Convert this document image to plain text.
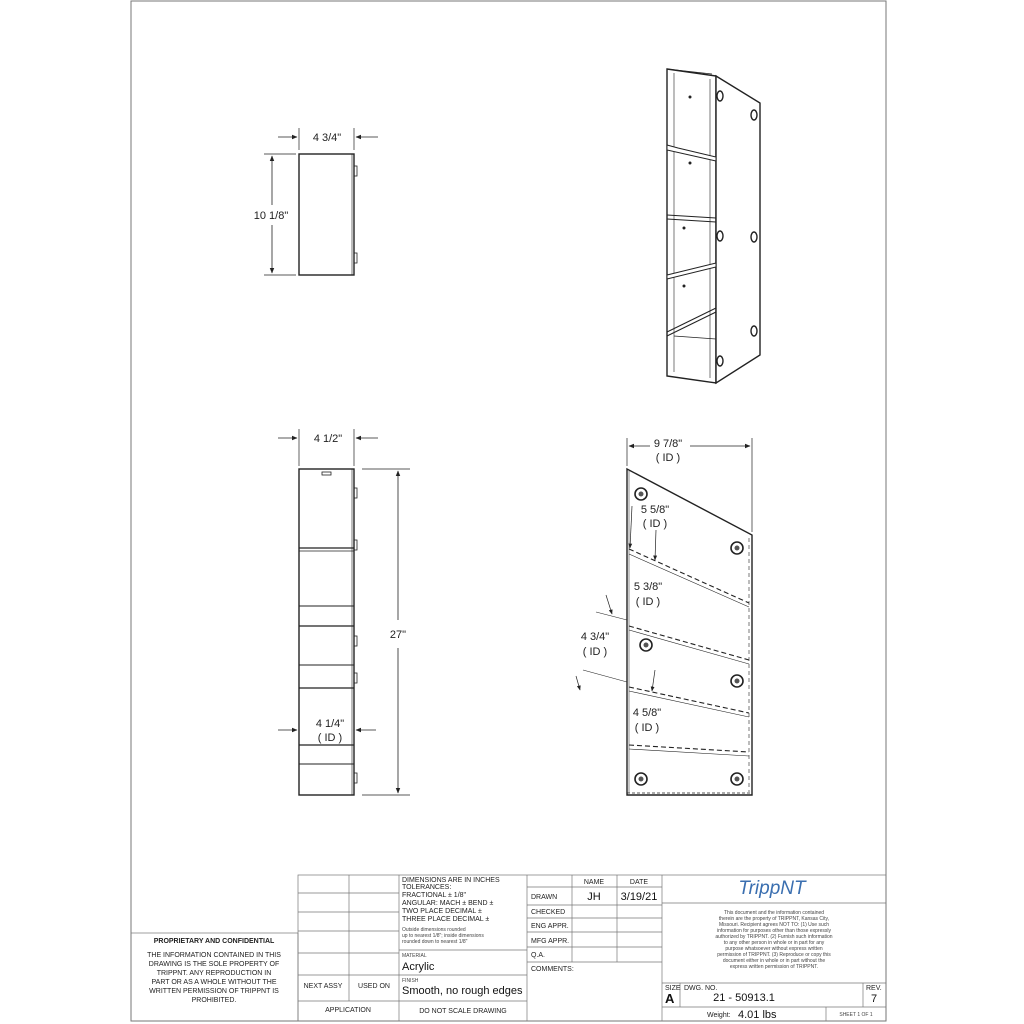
4 3/4"
10 1/8"
4 1/2"
27"
4 1/4"
( ID )
9 7/8"
( ID )
5 5/8"
( ID )
5 3/8"
( ID )
4 3/4"
( ID )
4 5/8"
( ID )
PROPRIETARY AND CONFIDENTIAL
THE INFORMATION CONTAINED IN THIS
DRAWING IS THE SOLE PROPERTY OF
TRIPPNT. ANY REPRODUCTION IN
PART OR AS A WHOLE WITHOUT THE
WRITTEN PERMISSION OF TRIPPNT IS
PROHIBITED.
NEXT ASSY USED ON
APPLICATION
DIMENSIONS ARE IN INCHES
TOLERANCES:
FRACTIONAL ± 1/8"
ANGULAR: MACH ± BEND ±
TWO PLACE DECIMAL ±
THREE PLACE DECIMAL ±
Outside dimensions rounded
up to nearest 1/8"; inside dimensions
rounded down to nearest 1/8"
MATERIAL
Acrylic
FINISH
Smooth, no rough edges
DO NOT SCALE DRAWING
NAME	DATE
DRAWN	JH 3/19/21
CHECKED
ENG APPR.
MFG APPR.
Q.A.
COMMENTS:
TrippNT
This document and the information contained
therein are the property of TRIPPNT, Kansas City,
Missouri. Recipient agrees NOT TO: (1) Use such
information for purposes other than those expressly
authorized by TRIPPNT. (2) Furnish such information
to any other person in whole or in part for any
purpose whatsoever without express written
permission of TRIPPNT. (3) Reproduce or copy this
document either in whole or in part without the
express written permission of TRIPPNT.
SIZE
A
DWG. NO.
21 - 50913.1
REV.
7
Weight: 4.01 lbs	SHEET 1 OF 1
